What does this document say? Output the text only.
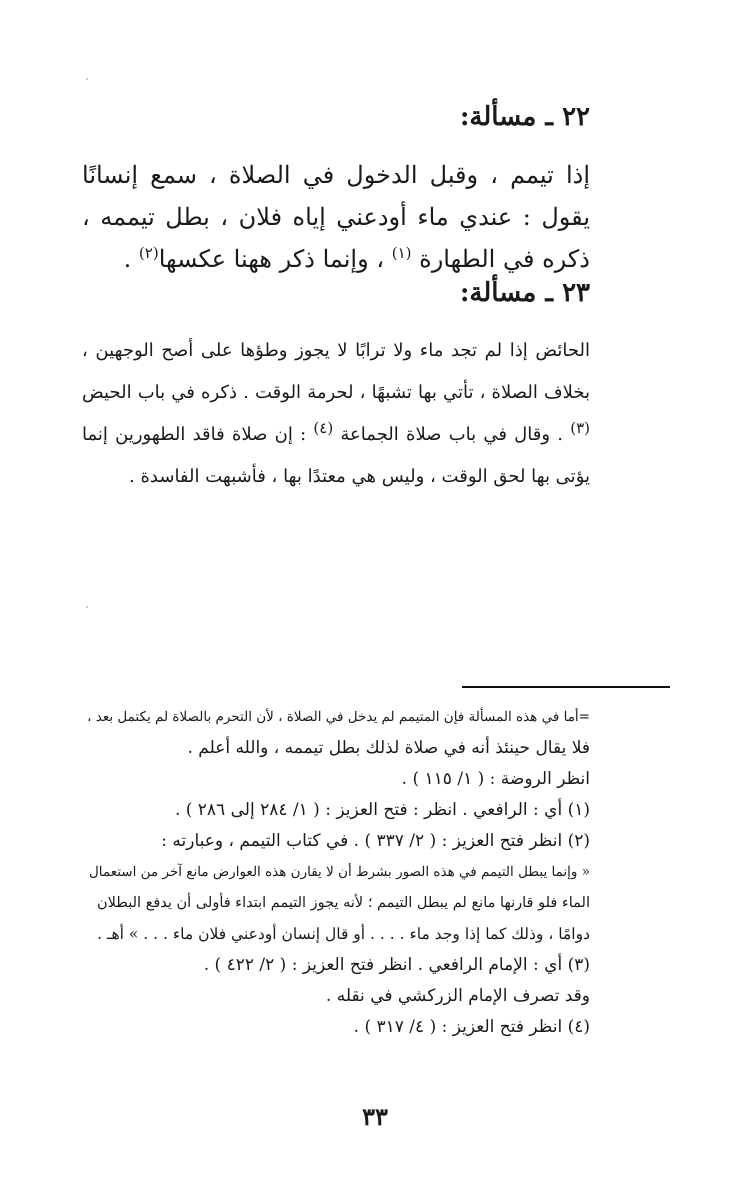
٢٢ ـ مسألة:
إذا تيمم ، وقبل الدخول في الصلاة ، سمع إنسانًا يقول : عندي ماء أودعني إياه فلان ، بطل تيممه ، ذكره في الطهارة $^{(١)}$ ، وإنما ذكر ههنا عكسها$^{(٢)}$ .
٢٣ ـ مسألة:
الحائض إذا لم تجد ماء ولا ترابًا لا يجوز وطؤها على أصح الوجهين ، بخلاف الصلاة ، تأتي بها تشبهًا ، لحرمة الوقت . ذكره في باب الحيض $^{(٣)}$ . وقال في باب صلاة الجماعة $^{(٤)}$ : إن صلاة فاقد الطهورين إنما يؤتى بها لحق الوقت ، وليس هي معتدًا بها ، فأشبهت الفاسدة .
=أما في هذه المسألة فإن المتيمم لم يدخل في الصلاة ، لأن التحرم بالصلاة لم يكتمل بعد ،
فلا يقال حينئذ أنه في صلاة لذلك بطل تيممه ، والله أعلم .
انظر الروضة : ( ١/ ١١٥ ) .
(١) أي : الرافعي . انظر : فتح العزيز : ( ١/ ٢٨٤ إلى ٢٨٦ ) .
(٢) انظر فتح العزيز : ( ٢/ ٣٣٧ ) . في كتاب التيمم ، وعبارته :
« وإنما يبطل التيمم في هذه الصور بشرط أن لا يقارن هذه العوارض مانع آخر من استعمال
الماء فلو قارنها مانع لم يبطل التيمم ؛ لأنه يجوز التيمم ابتداء فأولى أن يدفع البطلان
دوامًا ، وذلك كما إذا وجد ماء . . . . أو قال إنسان أودعني فلان ماء . . . » أهـ .
(٣) أي : الإمام الرافعي . انظر فتح العزيز : ( ٢/ ٤٢٢ ) .
وقد تصرف الإمام الزركشي في نقله .
(٤) انظر فتح العزيز : ( ٤/ ٣١٧ ) .
٣٣
